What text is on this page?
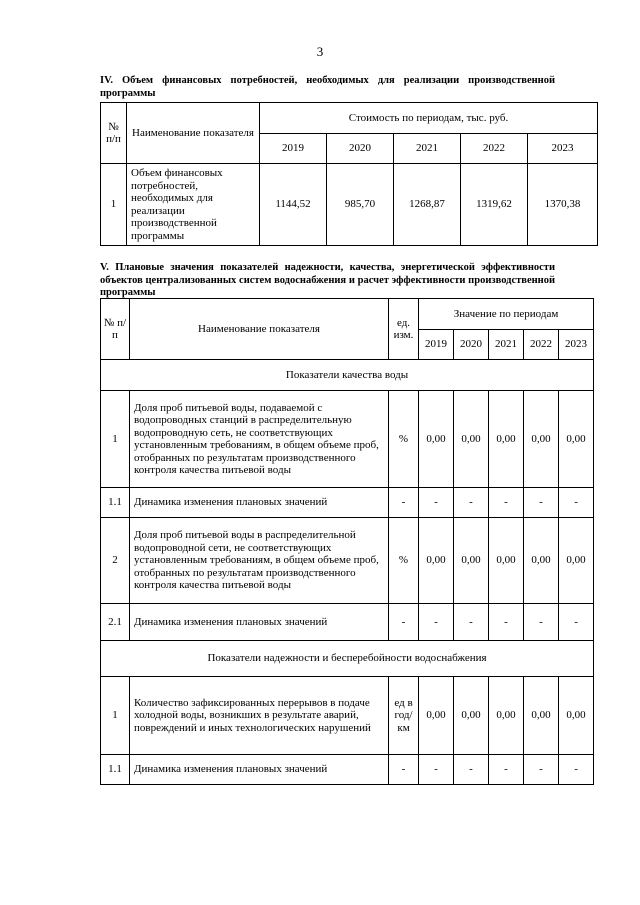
3
IV. Объем финансовых потребностей, необходимых для реализации производственной программы
№ п/п	Наименование показателя	Стоимость по периодам, тыс. руб.				
		2019	2020	2021	2022	2023
1	Объем финансовых потребностей, необходимых для реализации производственной программы	1144,52	985,70	1268,87	1319,62	1370,38
V. Плановые значения показателей надежности, качества, энергетической эффективности объектов централизованных систем водоснабжения и расчет эффективности производственной программы
№ п/п	Наименование показателя	ед. изм.	Значение по периодам				
			2019	2020	2021	2022	2023
Показатели качества воды							
1	Доля проб питьевой воды, подаваемой с водопроводных станций в распределительную водопроводную сеть, не соответствующих установленным требованиям, в общем объеме проб, отобранных по результатам производственного контроля качества питьевой воды	%	0,00	0,00	0,00	0,00	0,00
1.1	Динамика изменения плановых значений	-	-	-	-	-	-
2	Доля проб питьевой воды в распределительной водопроводной сети, не соответствующих установленным требованиям, в общем объеме проб, отобранных по результатам производственного контроля качества питьевой воды	%	0,00	0,00	0,00	0,00	0,00
2.1	Динамика изменения плановых значений	-	-	-	-	-	-
Показатели надежности и бесперебойности водоснабжения							
1	Количество зафиксированных перерывов в подаче холодной воды, возникших в результате аварий, повреждений и иных технологических нарушений	ед в год/км	0,00	0,00	0,00	0,00	0,00
1.1	Динамика изменения плановых значений	-	-	-	-	-	-
